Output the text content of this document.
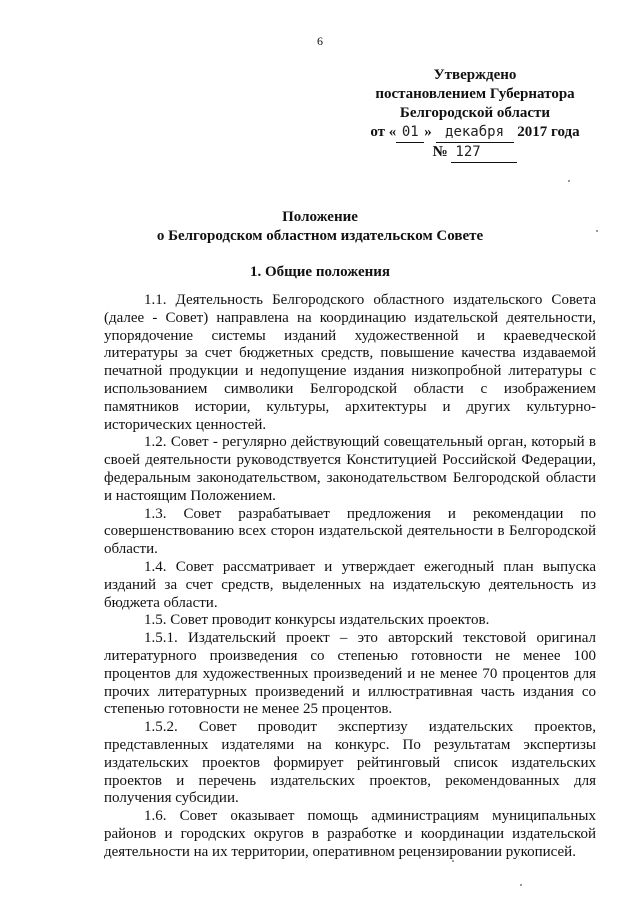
6
Утверждено
постановлением Губернатора
Белгородской области
от « 01 » декабря 2017 года
№ 127
Положение
о Белгородском областном издательском Совете
1. Общие положения

1.1. Деятельность Белгородского областного издательского Совета (далее - Совет) направлена на координацию издательской деятельности, упорядочение системы изданий художественной и краеведческой литературы за счет бюджетных средств, повышение качества издаваемой печатной продукции и недопущение издания низкопробной литературы с использованием символики Белгородской области с изображением памятников истории, культуры, архитектуры и других культурно-исторических ценностей.

1.2. Совет - регулярно действующий совещательный орган, который в своей деятельности руководствуется Конституцией Российской Федерации, федеральным законодательством, законодательством Белгородской области и настоящим Положением.

1.3. Совет разрабатывает предложения и рекомендации по совершенствованию всех сторон издательской деятельности в Белгородской области.

1.4. Совет рассматривает и утверждает ежегодный план выпуска изданий за счет средств, выделенных на издательскую деятельность из бюджета области.

1.5. Совет проводит конкурсы издательских проектов.

1.5.1. Издательский проект – это авторский текстовой оригинал литературного произведения со степенью готовности не менее 100 процентов для художественных произведений и не менее 70 процентов для прочих литературных произведений и иллюстративная часть издания со степенью готовности не менее 25 процентов.

1.5.2. Совет проводит экспертизу издательских проектов, представленных издателями на конкурс. По результатам экспертизы издательских проектов формирует рейтинговый список издательских проектов и перечень издательских проектов, рекомендованных для получения субсидии.

1.6. Совет оказывает помощь администрациям муниципальных районов и городских округов в разработке и координации издательской деятельности на их территории, оперативном рецензировании рукописей.
